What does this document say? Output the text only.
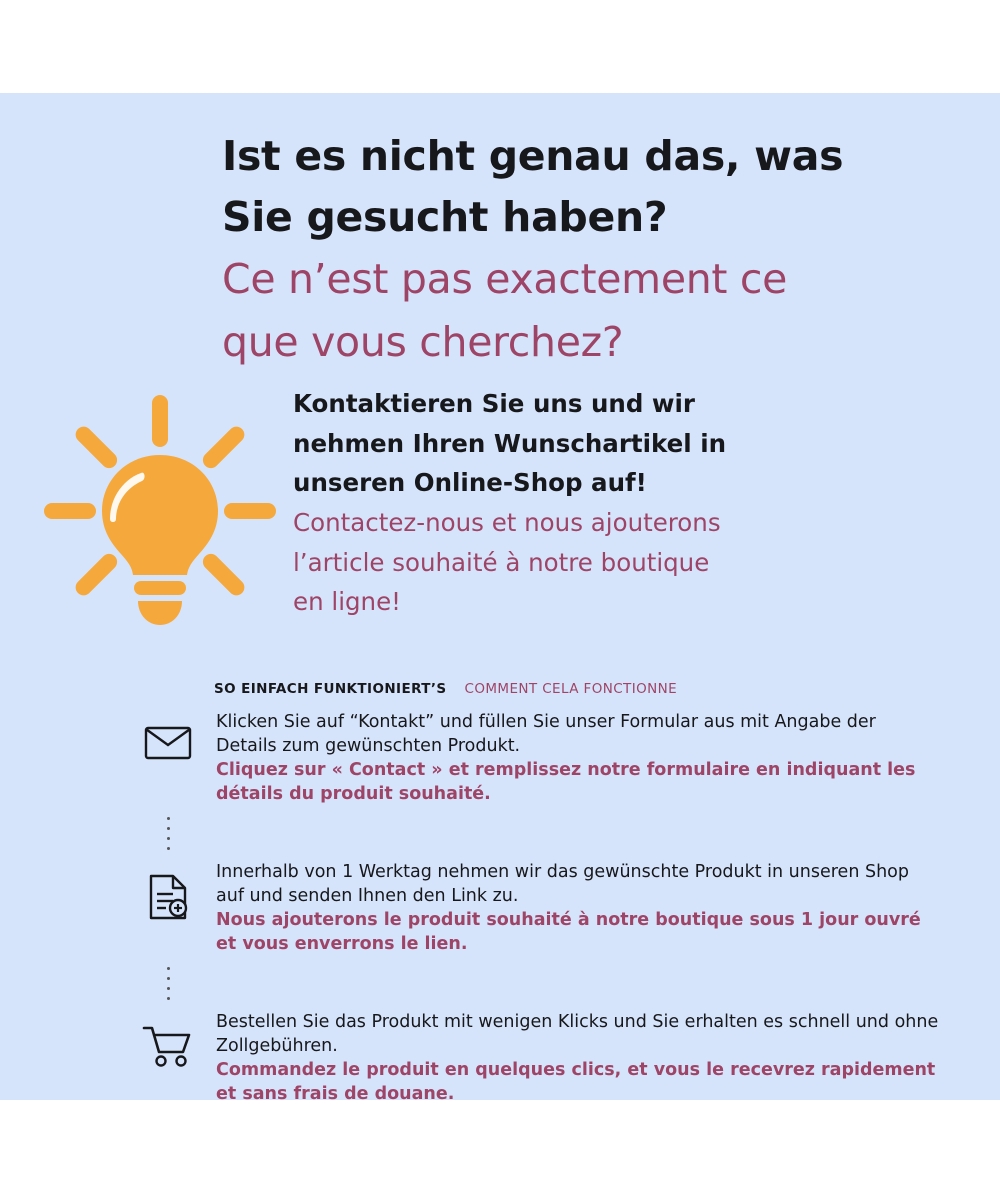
Ist es nicht genau das, was
Sie gesucht haben?
Ce n’est pas exactement ce
que vous cherchez?
Kontaktieren Sie uns und wir
nehmen Ihren Wunschartikel in
unseren Online-Shop auf!
Contactez-nous et nous ajouterons
l’article souhaité à notre boutique
en ligne!
SO EINFACH FUNKTIONIERT’S COMMENT CELA FONCTIONNE
Klicken Sie auf “Kontakt” und füllen Sie unser Formular aus mit Angabe der Details zum gewünschten Produkt.
Cliquez sur « Contact » et remplissez notre formulaire en indiquant les détails du produit souhaité.
Innerhalb von 1 Werktag nehmen wir das gewünschte Produkt in unseren Shop auf und senden Ihnen den Link zu.
Nous ajouterons le produit souhaité à notre boutique sous 1 jour ouvré et vous enverrons le lien.
Bestellen Sie das Produkt mit wenigen Klicks und Sie erhalten es schnell und ohne Zollgebühren.
Commandez le produit en quelques clics, et vous le recevrez rapidement et sans frais de douane.
